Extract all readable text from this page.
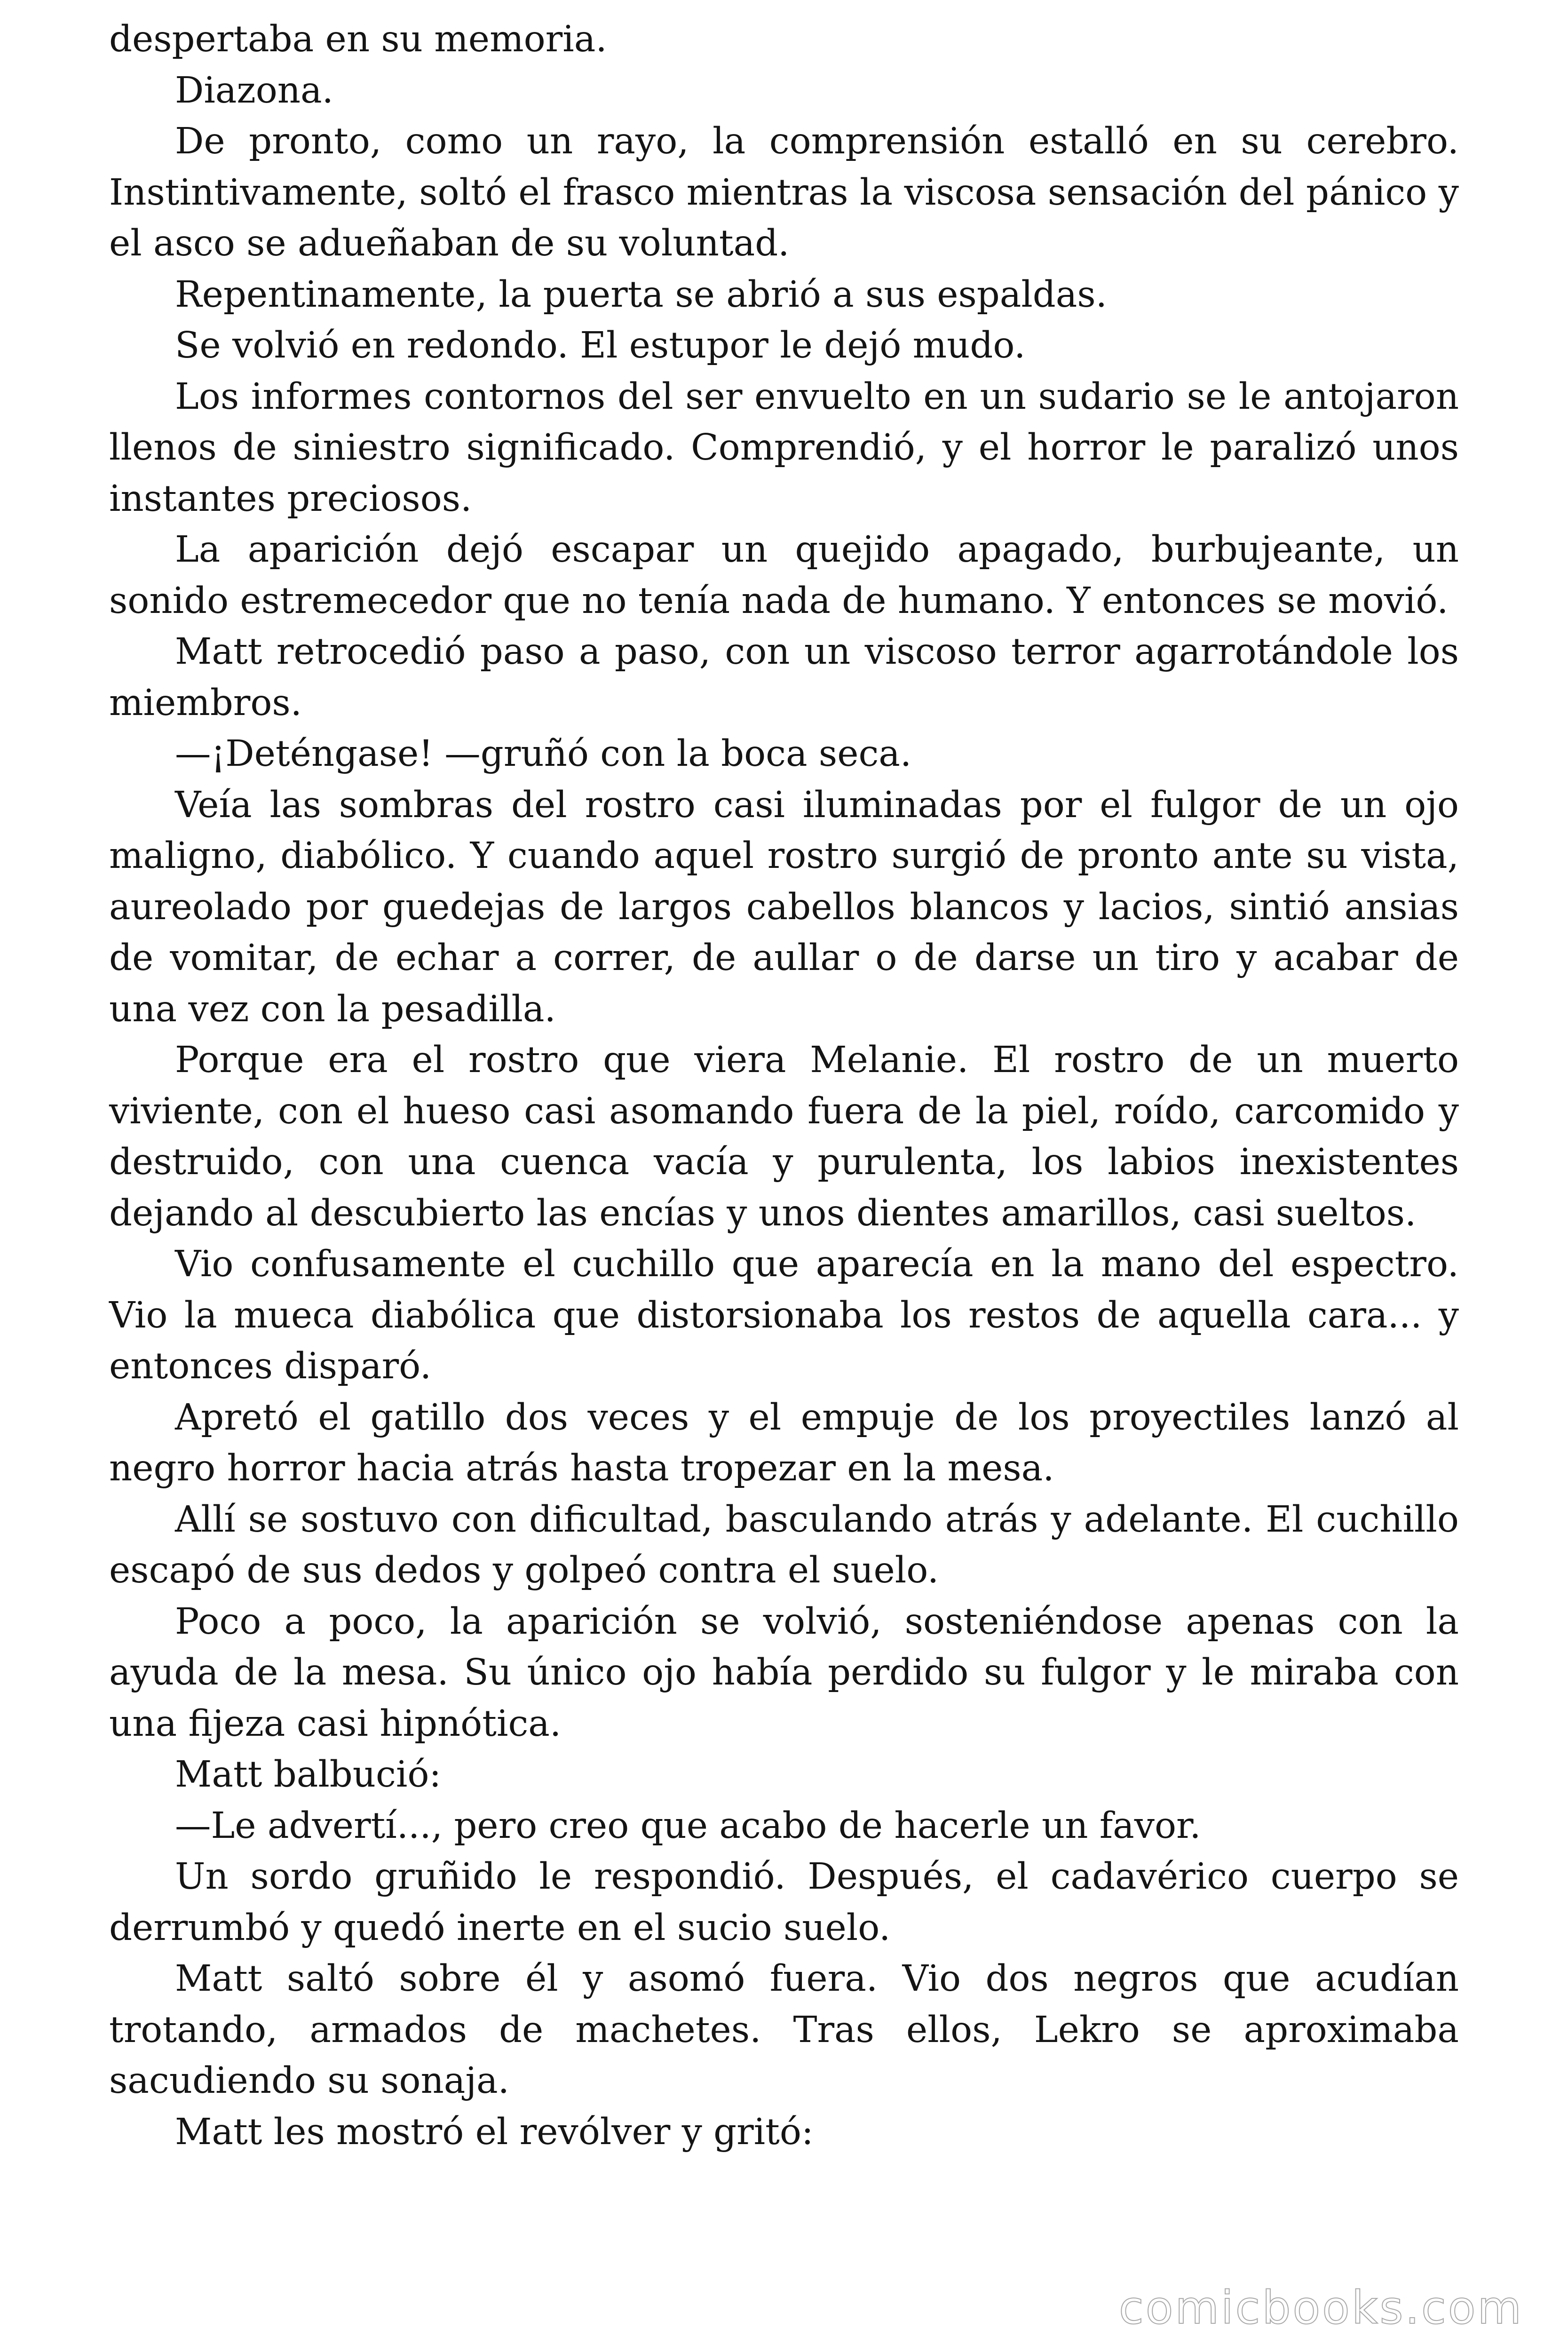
despertaba en su memoria.

Diazona.

De pronto, como un rayo, la comprensión estalló en su cerebro. Instintivamente, soltó el frasco mientras la viscosa sensación del pánico y el asco se adueñaban de su voluntad.

Repentinamente, la puerta se abrió a sus espaldas.

Se volvió en redondo. El estupor le dejó mudo.

Los informes contornos del ser envuelto en un sudario se le antojaron llenos de siniestro significado. Comprendió, y el horror le paralizó unos instantes preciosos.

La aparición dejó escapar un quejido apagado, burbujeante, un sonido estremecedor que no tenía nada de humano. Y entonces se movió.

Matt retrocedió paso a paso, con un viscoso terror agarrotándole los miembros.

—¡Deténgase! —gruñó con la boca seca.

Veía las sombras del rostro casi iluminadas por el fulgor de un ojo maligno, diabólico. Y cuando aquel rostro surgió de pronto ante su vista, aureolado por guedejas de largos cabellos blancos y lacios, sintió ansias de vomitar, de echar a correr, de aullar o de darse un tiro y acabar de una vez con la pesadilla.

Porque era el rostro que viera Melanie. El rostro de un muerto viviente, con el hueso casi asomando fuera de la piel, roído, carcomido y destruido, con una cuenca vacía y purulenta, los labios inexistentes dejando al descubierto las encías y unos dientes amarillos, casi sueltos.

Vio confusamente el cuchillo que aparecía en la mano del espectro. Vio la mueca diabólica que distorsionaba los restos de aquella cara... y entonces disparó.

Apretó el gatillo dos veces y el empuje de los proyectiles lanzó al negro horror hacia atrás hasta tropezar en la mesa.

Allí se sostuvo con dificultad, basculando atrás y adelante. El cuchillo escapó de sus dedos y golpeó contra el suelo.

Poco a poco, la aparición se volvió, sosteniéndose apenas con la ayuda de la mesa. Su único ojo había perdido su fulgor y le miraba con una fijeza casi hipnótica.

Matt balbució:

—Le advertí..., pero creo que acabo de hacerle un favor.

Un sordo gruñido le respondió. Después, el cadavérico cuerpo se derrumbó y quedó inerte en el sucio suelo.

Matt saltó sobre él y asomó fuera. Vio dos negros que acudían trotando, armados de machetes. Tras ellos, Lekro se aproximaba sacudiendo su sonaja.

Matt les mostró el revólver y gritó:

comicbooks.com
